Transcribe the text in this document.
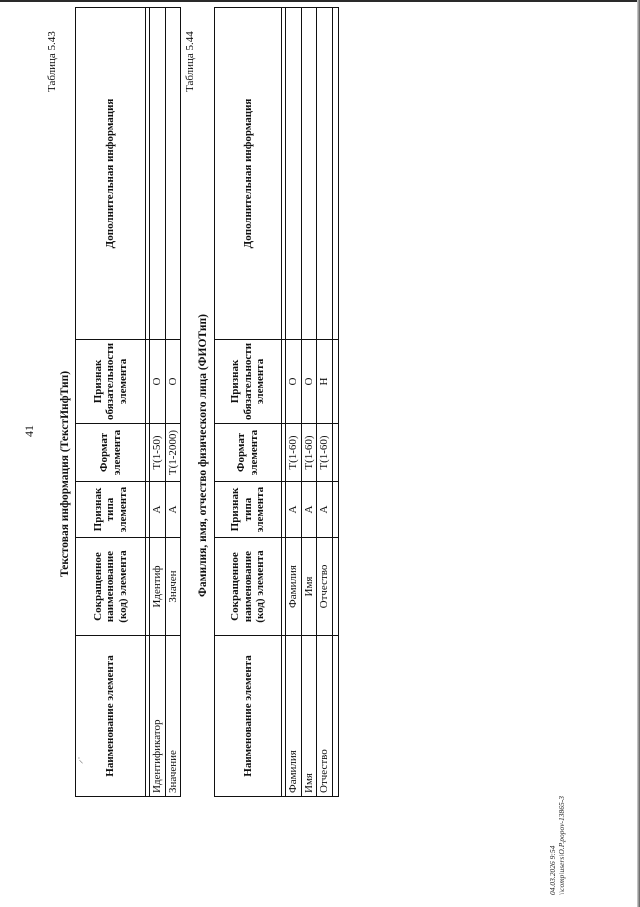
41
⸝·
Таблица 5.43
Текстовая информация (ТекстИнфТип)
Наименование элемента	Сокращенное наименование (код) элемента	Признак типа элемента	Формат элемента	Признак обязательности элемента	Дополнительная информация

Идентификатор	Идентиф	А	T(1-50)	О	
Значение	Значен	А	T(1-2000)	О	
Таблица 5.44
Фамилия, имя, отчество физического лица (ФИОТип)
Наименование элемента	Сокращенное наименование (код) элемента	Признак типа элемента	Формат элемента	Признак обязательности элемента	Дополнительная информация

Фамилия	Фамилия	А	T(1-60)	О	
Имя	Имя	А	T(1-60)	О	
Отчество	Отчество	А	T(1-60)	Н	

04.03.2026 9:54 \\comp\users\O.P.popov-13865-3
